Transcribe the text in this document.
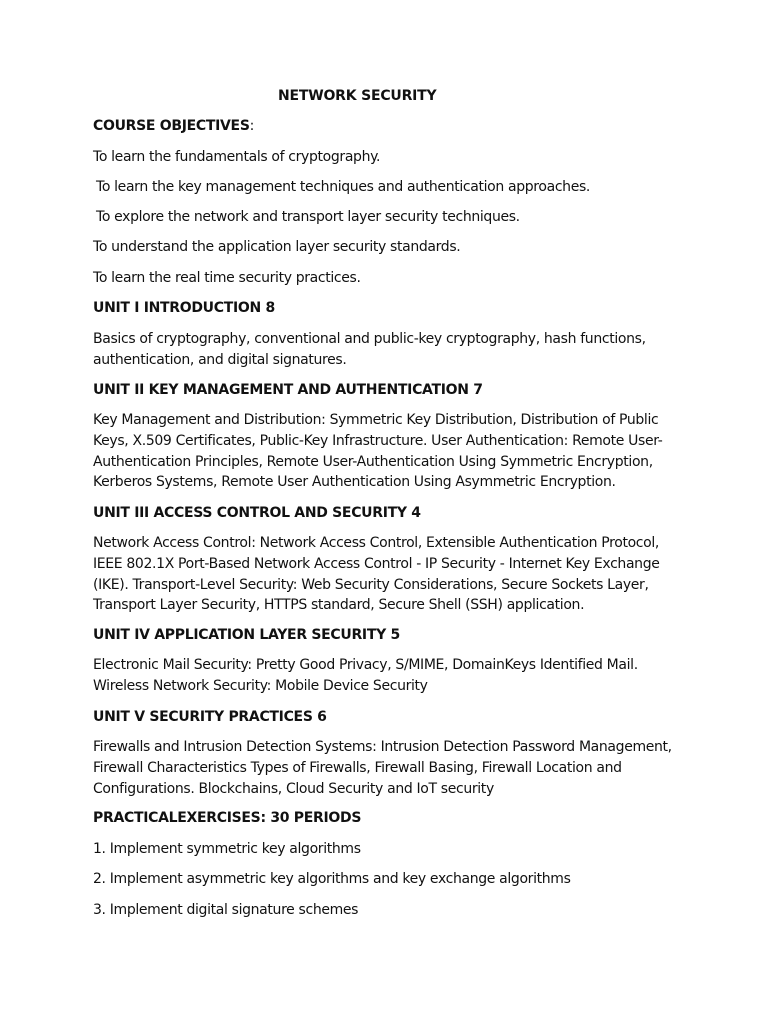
NETWORK SECURITY
COURSE OBJECTIVES:
To learn the fundamentals of cryptography.
To learn the key management techniques and authentication approaches.
To explore the network and transport layer security techniques.
To understand the application layer security standards.
To learn the real time security practices.
UNIT I INTRODUCTION 8
Basics of cryptography, conventional and public-key cryptography, hash functions,
authentication, and digital signatures.
UNIT II KEY MANAGEMENT AND AUTHENTICATION 7
Key Management and Distribution: Symmetric Key Distribution, Distribution of Public
Keys, X.509 Certificates, Public-Key Infrastructure. User Authentication: Remote User-
Authentication Principles, Remote User-Authentication Using Symmetric Encryption,
Kerberos Systems, Remote User Authentication Using Asymmetric Encryption.
UNIT III ACCESS CONTROL AND SECURITY 4
Network Access Control: Network Access Control, Extensible Authentication Protocol,
IEEE 802.1X Port-Based Network Access Control - IP Security - Internet Key Exchange
(IKE). Transport-Level Security: Web Security Considerations, Secure Sockets Layer,
Transport Layer Security, HTTPS standard, Secure Shell (SSH) application.
UNIT IV APPLICATION LAYER SECURITY 5
Electronic Mail Security: Pretty Good Privacy, S/MIME, DomainKeys Identified Mail.
Wireless Network Security: Mobile Device Security
UNIT V SECURITY PRACTICES 6
Firewalls and Intrusion Detection Systems: Intrusion Detection Password Management,
Firewall Characteristics Types of Firewalls, Firewall Basing, Firewall Location and
Configurations. Blockchains, Cloud Security and IoT security
PRACTICALEXERCISES: 30 PERIODS
1. Implement symmetric key algorithms
2. Implement asymmetric key algorithms and key exchange algorithms
3. Implement digital signature schemes
